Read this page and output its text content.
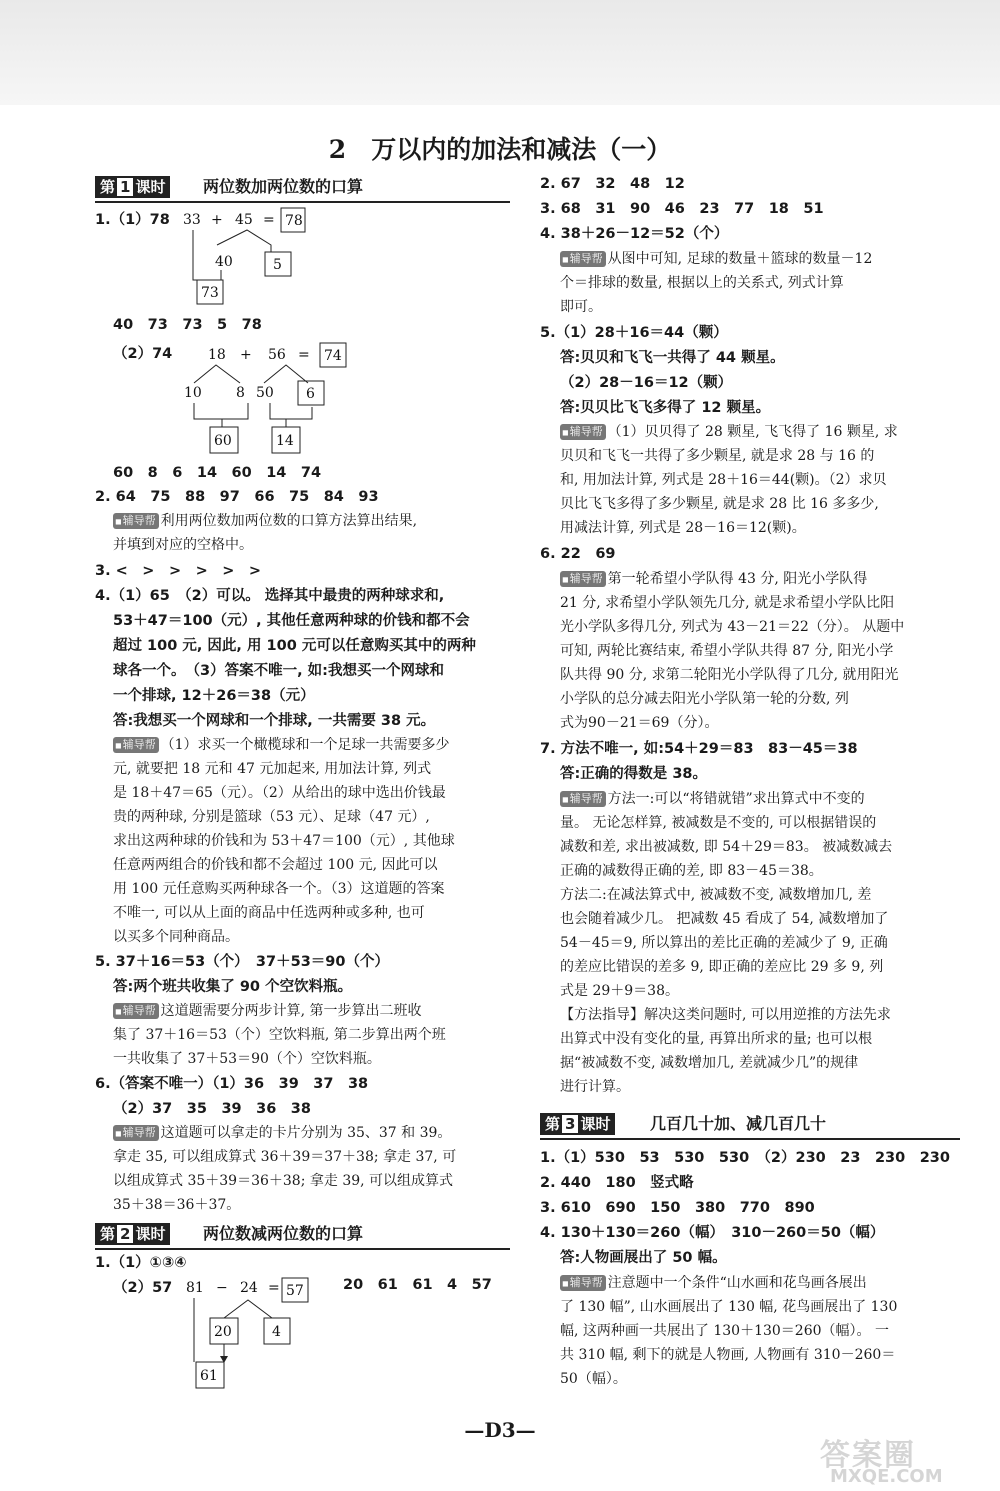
2　万以内的加法和减法（一）
第 1 课时	两位数加两位数的口算
1.（1）78 33 + 45 = 78
40	5
73
40　73　73　5　78
（2）74	18 + 56 = 74
10 8 50 6
60	14
60　8　6　14　60　14　74
2. 64　75　88　97　66　75　84　93
◼ 辅导帮 利用两位数加两位数的口算方法算出结果,
并填到对应的空格中。
3. <　>　>　>　>　>
4.（1）65　（2）可以。 选择其中最贵的两种球求和,
53＋47＝100（元）, 其他任意两种球的价钱和都不会
超过 100 元, 因此, 用 100 元可以任意购买其中的两种
球各一个。　（3）答案不唯一, 如:我想买一个网球和
一个排球, 12＋26＝38（元）
答:我想买一个网球和一个排球, 一共需要 38 元。
◼ 辅导帮 （1）求买一个橄榄球和一个足球一共需要多少
元, 就要把 18 元和 47 元加起来, 用加法计算, 列式
是 18＋47＝65（元）。（2）从给出的球中选出价钱最
贵的两种球, 分别是篮球（53 元）、足球（47 元）,
求出这两种球的价钱和为 53＋47＝100（元）, 其他球
任意两两组合的价钱和都不会超过 100 元, 因此可以
用 100 元任意购买两种球各一个。（3）这道题的答案
不唯一, 可以从上面的商品中任选两种或多种, 也可
以买多个同种商品。
5. 37＋16＝53（个）　37＋53＝90（个）
答:两个班共收集了 90 个空饮料瓶。
◼ 辅导帮 这道题需要分两步计算, 第一步算出二班收
集了 37＋16＝53（个）空饮料瓶, 第二步算出两个班
一共收集了 37＋53＝90（个）空饮料瓶。
6.（答案不唯一）（1）36　39　37　38
（2）37　35　39　36　38
◼ 辅导帮 这道题可以拿走的卡片分别为 35、37 和 39。
拿走 35, 可以组成算式 36＋39＝37＋38; 拿走 37, 可
以组成算式 35＋39＝36＋38; 拿走 39, 可以组成算式
35＋38＝36＋37。
第 2 课时	两位数减两位数的口算
1.（1）①③④
（2）57 81 − 24 = 57
20	4
61
20　61　61　4　57
2. 67　32　48　12
3. 68　31　90　46　23　77　18　51
4. 38＋26－12＝52（个）
◼ 辅导帮 从图中可知, 足球的数量＋篮球的数量－12
个＝排球的数量, 根据以上的关系式, 列式计算
即可。
5.（1）28＋16＝44（颗）
答:贝贝和飞飞一共得了 44 颗星。
（2）28－16＝12（颗）
答:贝贝比飞飞多得了 12 颗星。
◼ 辅导帮 （1）贝贝得了 28 颗星, 飞飞得了 16 颗星, 求
贝贝和飞飞一共得了多少颗星, 就是求 28 与 16 的
和, 用加法计算, 列式是 28＋16＝44(颗)。（2）求贝
贝比飞飞多得了多少颗星, 就是求 28 比 16 多多少,
用减法计算, 列式是 28－16＝12(颗)。
6. 22　69
◼ 辅导帮 第一轮希望小学队得 43 分, 阳光小学队得
21 分, 求希望小学队领先几分, 就是求希望小学队比阳
光小学队多得几分, 列式为 43－21＝22（分）。 从题中
可知, 两轮比赛结束, 希望小学队共得 87 分, 阳光小学
队共得 90 分, 求第二轮阳光小学队得了几分, 就用阳光
小学队的总分减去阳光小学队第一轮的分数, 列
式为90－21＝69（分）。
7. 方法不唯一, 如:54＋29＝83　83－45＝38
答:正确的得数是 38。
◼ 辅导帮 方法一:可以“将错就错”求出算式中不变的
量。 无论怎样算, 被减数是不变的, 可以根据错误的
减数和差, 求出被减数, 即 54＋29＝83。 被减数减去
正确的减数得正确的差, 即 83－45＝38。
方法二:在减法算式中, 被减数不变, 减数增加几, 差
也会随着减少几。 把减数 45 看成了 54, 减数增加了
54－45＝9, 所以算出的差比正确的差减少了 9, 正确
的差应比错误的差多 9, 即正确的差应比 29 多 9, 列
式是 29＋9＝38。
【方法指导】解决这类问题时, 可以用逆推的方法先求
出算式中没有变化的量, 再算出所求的量; 也可以根
据“被减数不变, 减数增加几, 差就减少几”的规律
进行计算。
第 3 课时	几百几十加、减几百几十
1.（1）530　53　530　530　（2）230　23　230　230
2. 440　180　竖式略
3. 610　690　150　380　770　890
4. 130＋130＝260（幅）　310－260＝50（幅）
答:人物画展出了 50 幅。
◼ 辅导帮 注意题中一个条件“山水画和花鸟画各展出
了 130 幅”, 山水画展出了 130 幅, 花鸟画展出了 130
幅, 这两种画一共展出了 130＋130＝260（幅）。 一
共 310 幅, 剩下的就是人物画, 人物画有 310－260＝
50（幅）。
—D3—
答案圈
MXQE.COM
